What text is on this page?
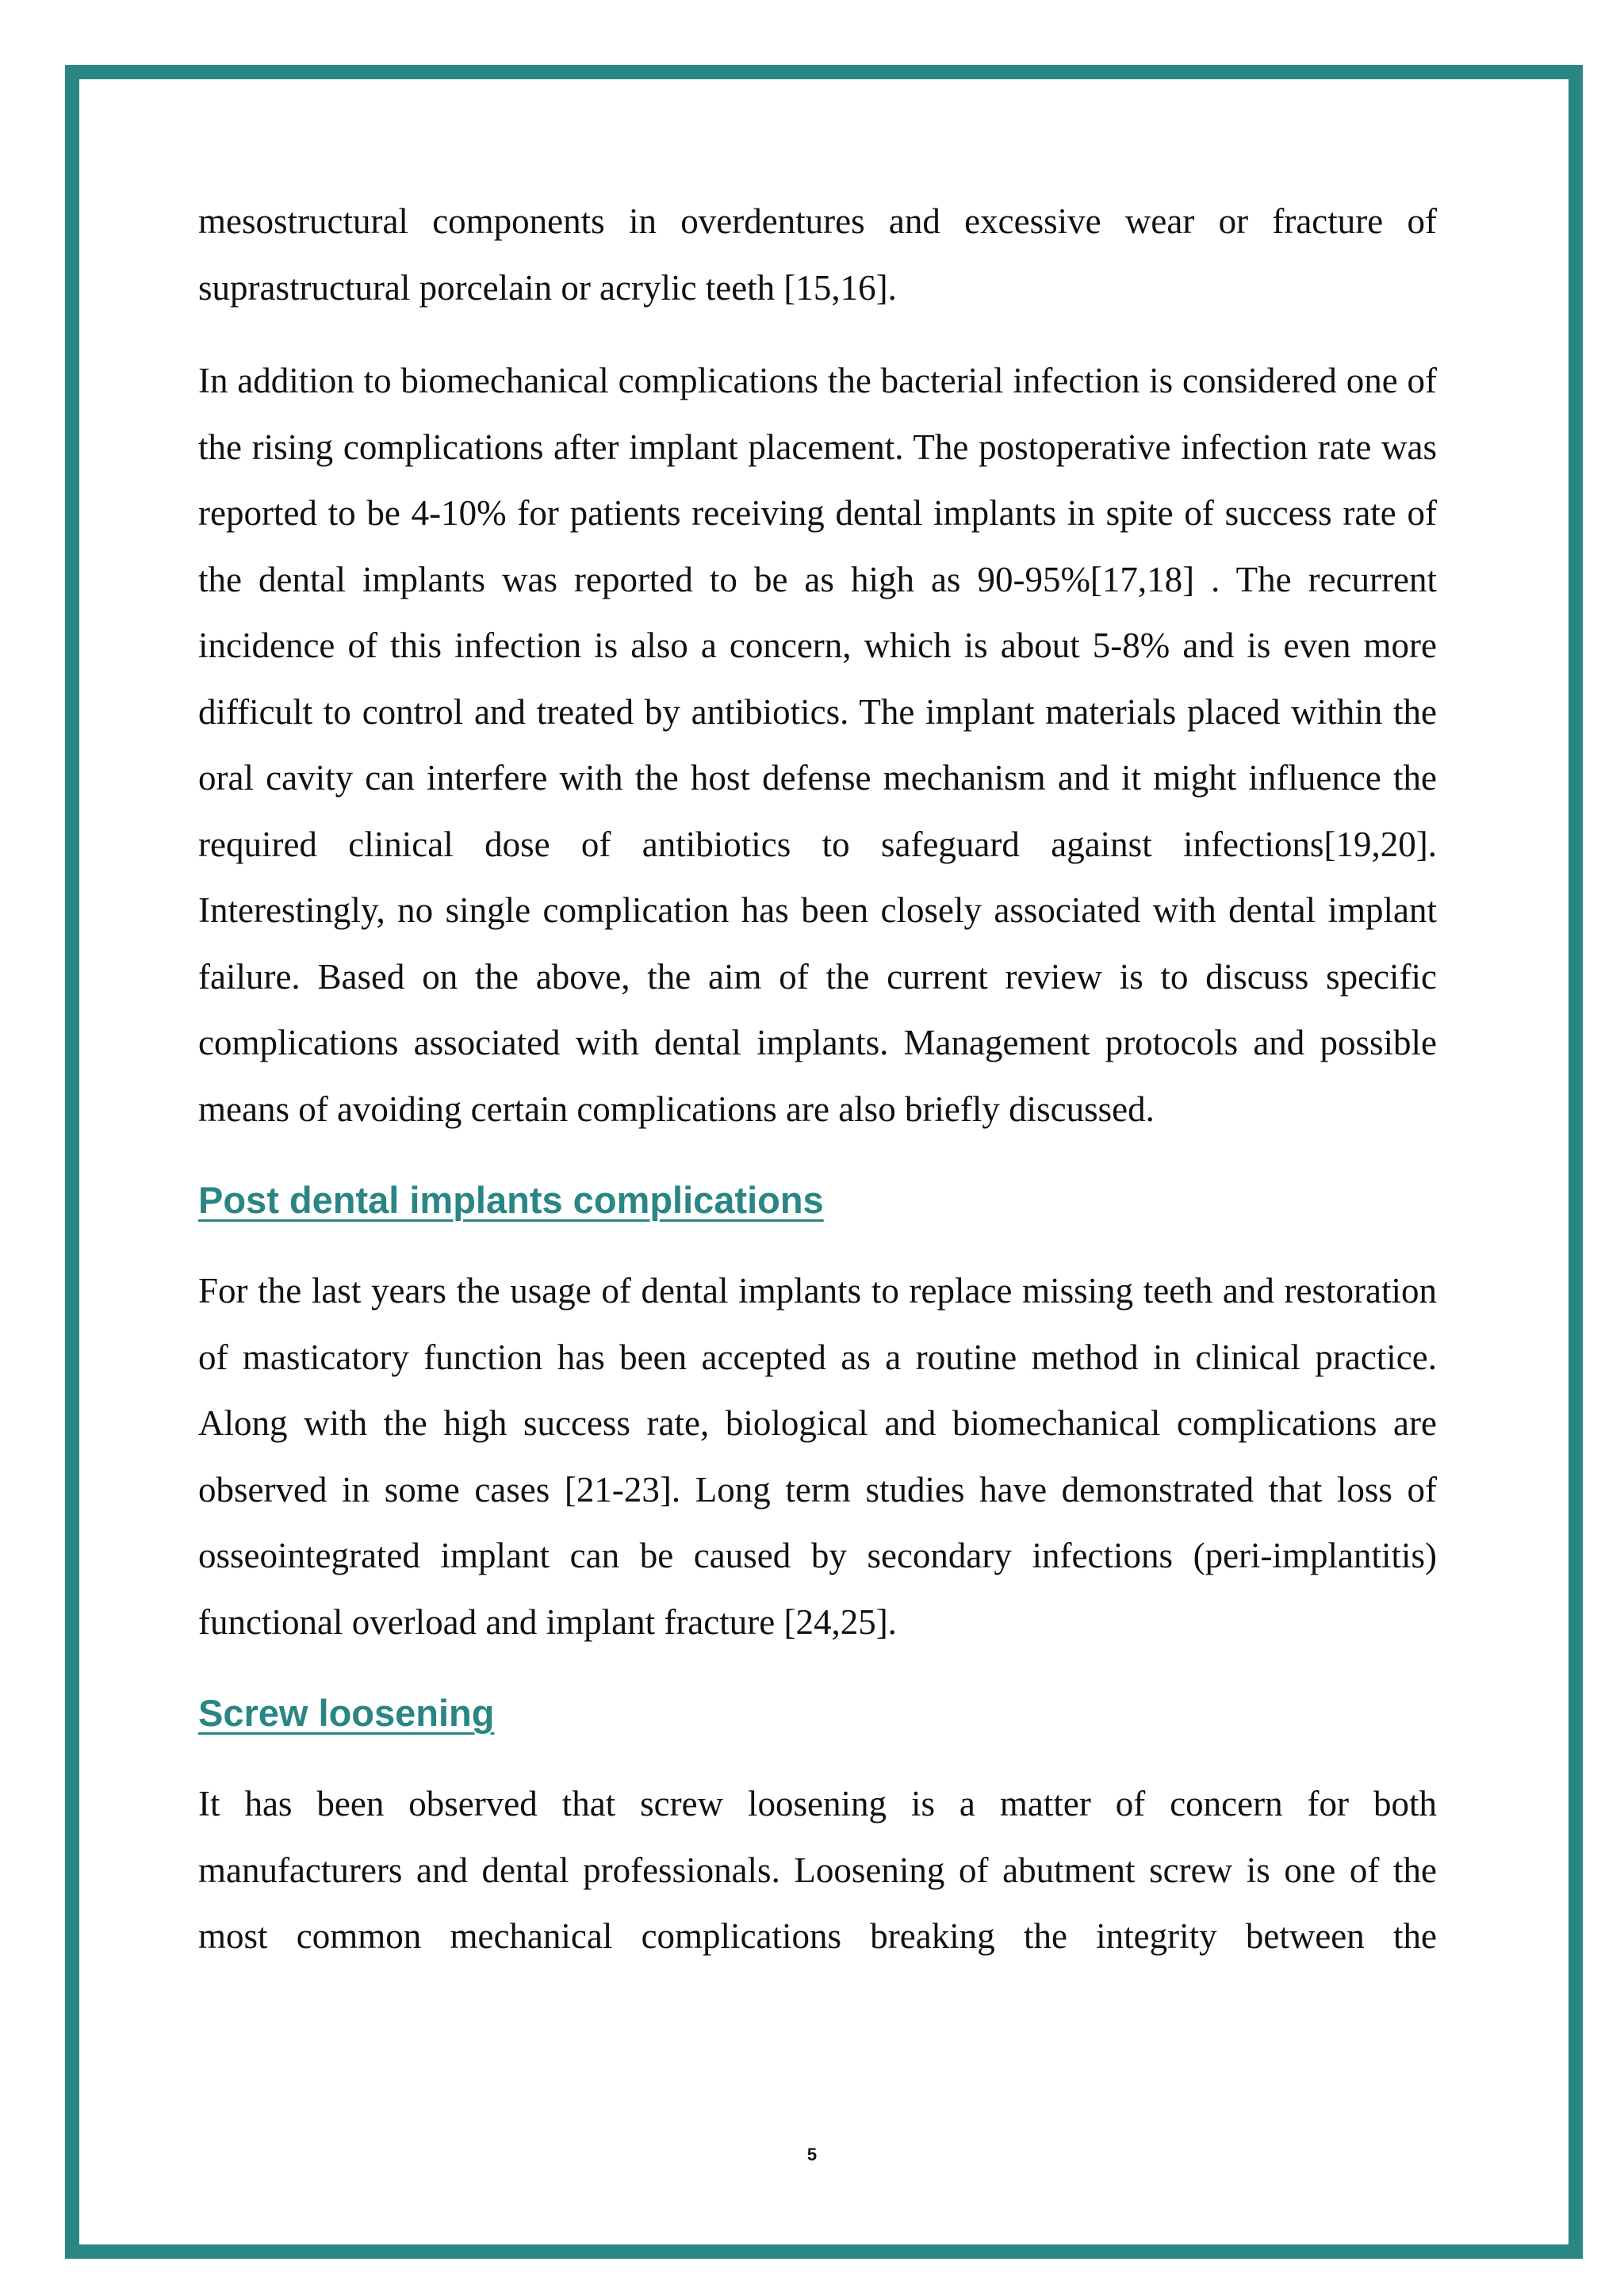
mesostructural components in overdentures and excessive wear or fracture of suprastructural porcelain or acrylic teeth [15,16].

In addition to biomechanical complications the bacterial infection is considered one of the rising complications after implant placement. The postoperative infection rate was reported to be 4-10% for patients receiving dental implants in spite of success rate of the dental implants was reported to be as high as 90-95%[17,18] . The recurrent incidence of this infection is also a concern, which is about 5-8% and is even more difficult to control and treated by antibiotics. The implant materials placed within the oral cavity can interfere with the host defense mechanism and it might influence the required clinical dose of antibiotics to safeguard against infections[19,20]. Interestingly, no single complication has been closely associated with dental implant failure. Based on the above, the aim of the current review is to discuss specific complications associated with dental implants. Management protocols and possible means of avoiding certain complications are also briefly discussed.

Post dental implants complications

For the last years the usage of dental implants to replace missing teeth and restoration of masticatory function has been accepted as a routine method in clinical practice. Along with the high success rate, biological and biomechanical complications are observed in some cases [21-23]. Long term studies have demonstrated that loss of osseointegrated implant can be caused by secondary infections (peri-implantitis) functional overload and implant fracture [24,25].

Screw loosening

It has been observed that screw loosening is a matter of concern for both manufacturers and dental professionals. Loosening of abutment screw is one of the most common mechanical complications breaking the integrity between the

5
